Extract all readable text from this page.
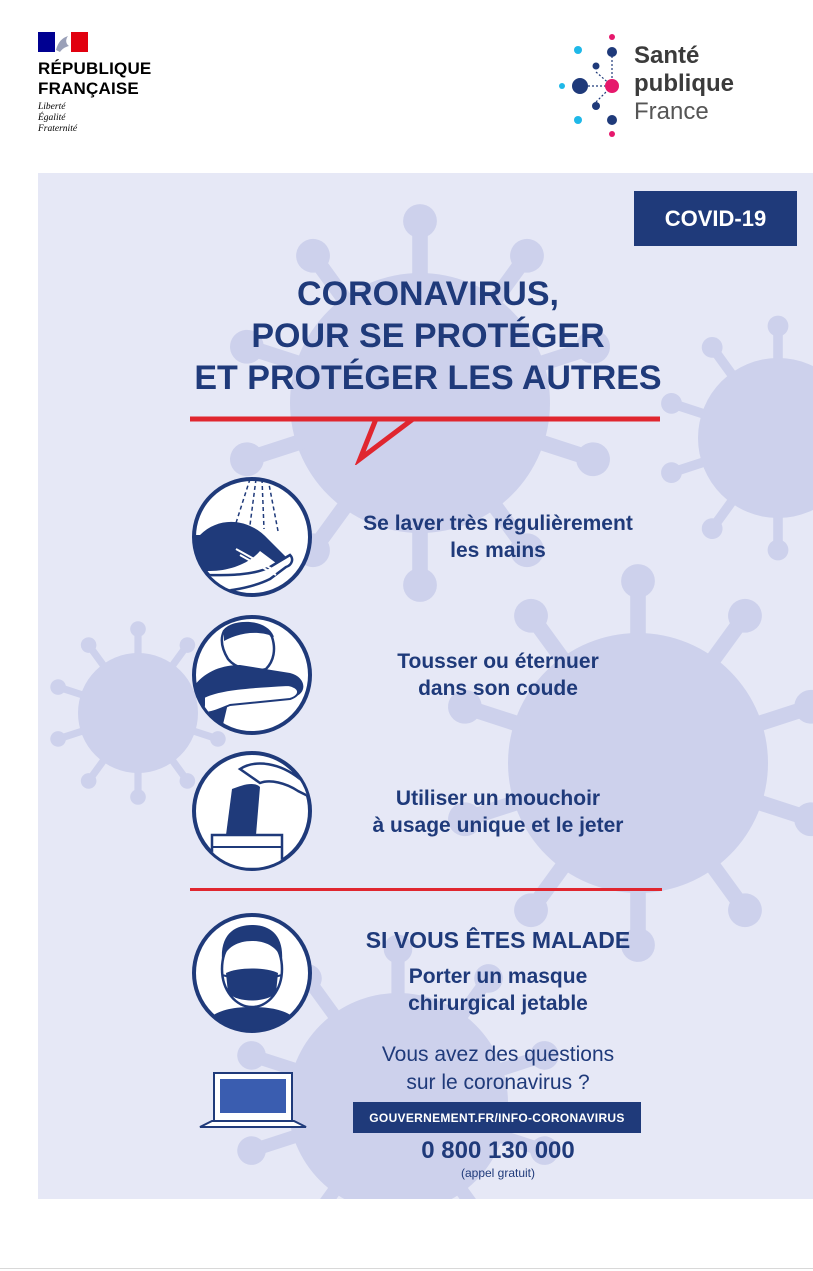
RÉPUBLIQUE
FRANÇAISE
Liberté
Égalité
Fraternité
Santé
publique
France
COVID-19
CORONAVIRUS,
POUR SE PROTÉGER
ET PROTÉGER LES AUTRES
Se laver très régulièrement
les mains
Tousser ou éternuer
dans son coude
Utiliser un mouchoir
à usage unique et le jeter
SI VOUS ÊTES MALADE
Porter un masque
chirurgical jetable
Vous avez des questions
sur le coronavirus ?
GOUVERNEMENT.FR/INFO-CORONAVIRUS
0 800 130 000
(appel gratuit)
